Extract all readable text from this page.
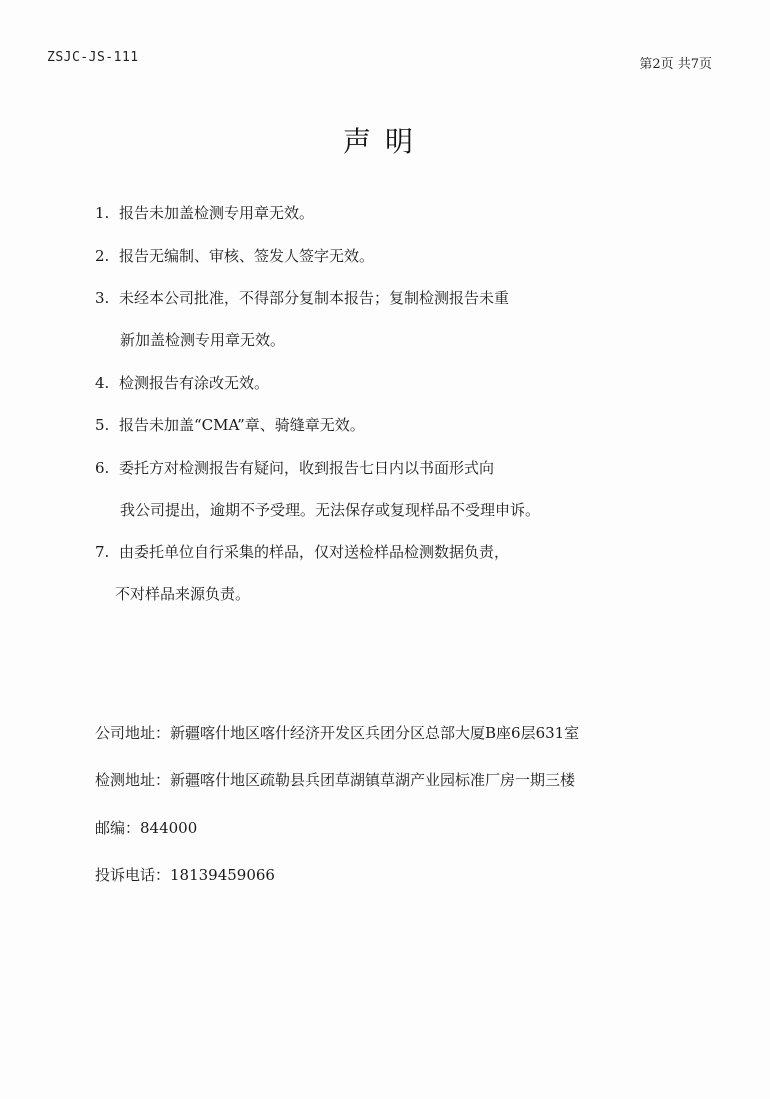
ZSJC-JS-111	第2页 共7页
声明

1. 报告未加盖检测专用章无效。

2. 报告无编制、审核、签发人签字无效。

3. 未经本公司批准，不得部分复制本报告；复制检测报告未重
新加盖检测专用章无效。

4. 检测报告有涂改无效。

5. 报告未加盖“CMA”章、骑缝章无效。

6. 委托方对检测报告有疑问，收到报告七日内以书面形式向
我公司提出，逾期不予受理。无法保存或复现样品不受理申诉。

7. 由委托单位自行采集的样品，仅对送检样品检测数据负责，
不对样品来源负责。

公司地址：新疆喀什地区喀什经济开发区兵团分区总部大厦B座6层631室
检测地址：新疆喀什地区疏勒县兵团草湖镇草湖产业园标准厂房一期三楼
邮编：844000
投诉电话：18139459066
